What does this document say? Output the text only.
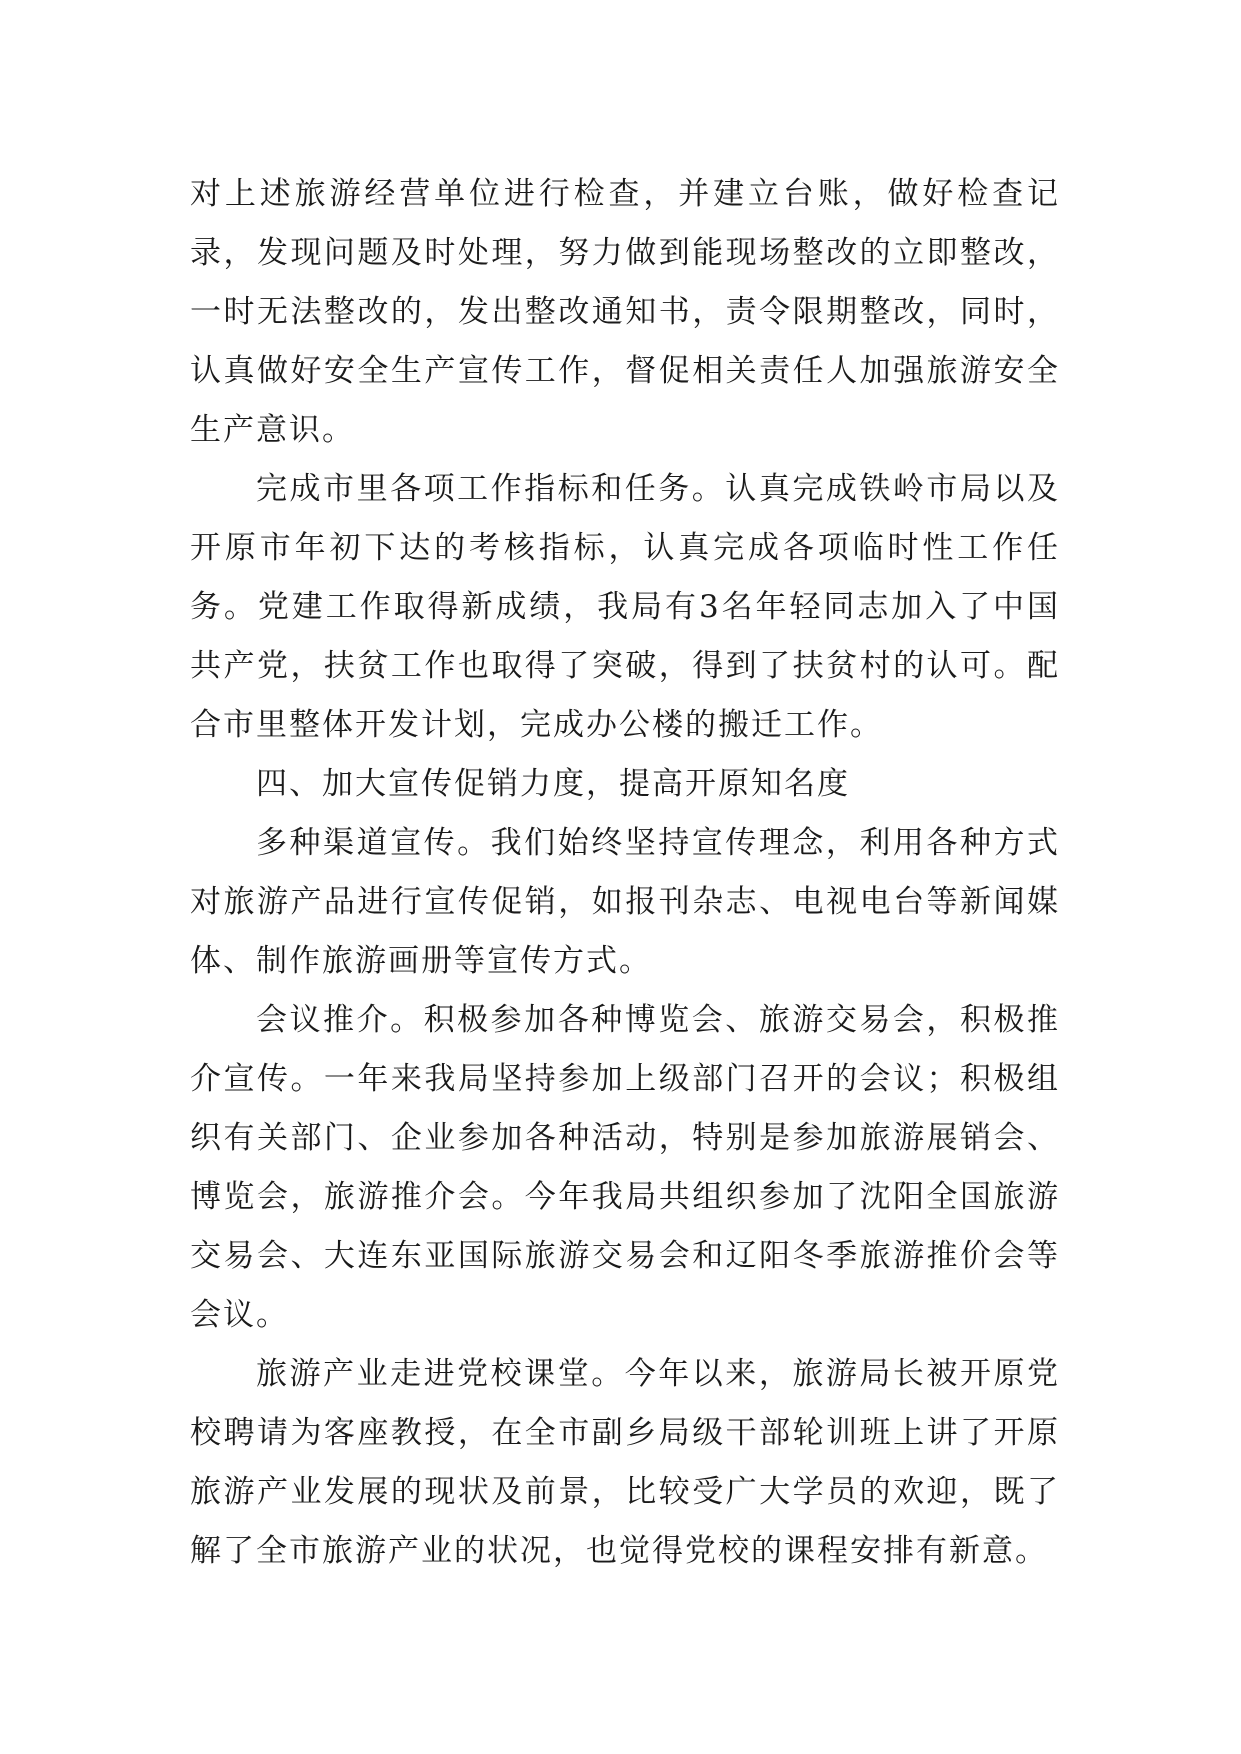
对上述旅游经营单位进行检查，并建立台账，做好检查记录，发现问题及时处理，努力做到能现场整改的立即整改，一时无法整改的，发出整改通知书，责令限期整改，同时，认真做好安全生产宣传工作，督促相关责任人加强旅游安全生产意识。

完成市里各项工作指标和任务。认真完成铁岭市局以及开原市年初下达的考核指标，认真完成各项临时性工作任务。党建工作取得新成绩，我局有3名年轻同志加入了中国共产党，扶贫工作也取得了突破，得到了扶贫村的认可。配合市里整体开发计划，完成办公楼的搬迁工作。

四、加大宣传促销力度，提高开原知名度

多种渠道宣传。我们始终坚持宣传理念，利用各种方式对旅游产品进行宣传促销，如报刊杂志、电视电台等新闻媒体、制作旅游画册等宣传方式。

会议推介。积极参加各种博览会、旅游交易会，积极推介宣传。一年来我局坚持参加上级部门召开的会议；积极组织有关部门、企业参加各种活动，特别是参加旅游展销会、博览会，旅游推介会。今年我局共组织参加了沈阳全国旅游交易会、大连东亚国际旅游交易会和辽阳冬季旅游推价会等会议。

旅游产业走进党校课堂。今年以来，旅游局长被开原党校聘请为客座教授，在全市副乡局级干部轮训班上讲了开原旅游产业发展的现状及前景，比较受广大学员的欢迎，既了解了全市旅游产业的状况，也觉得党校的课程安排有新意。
